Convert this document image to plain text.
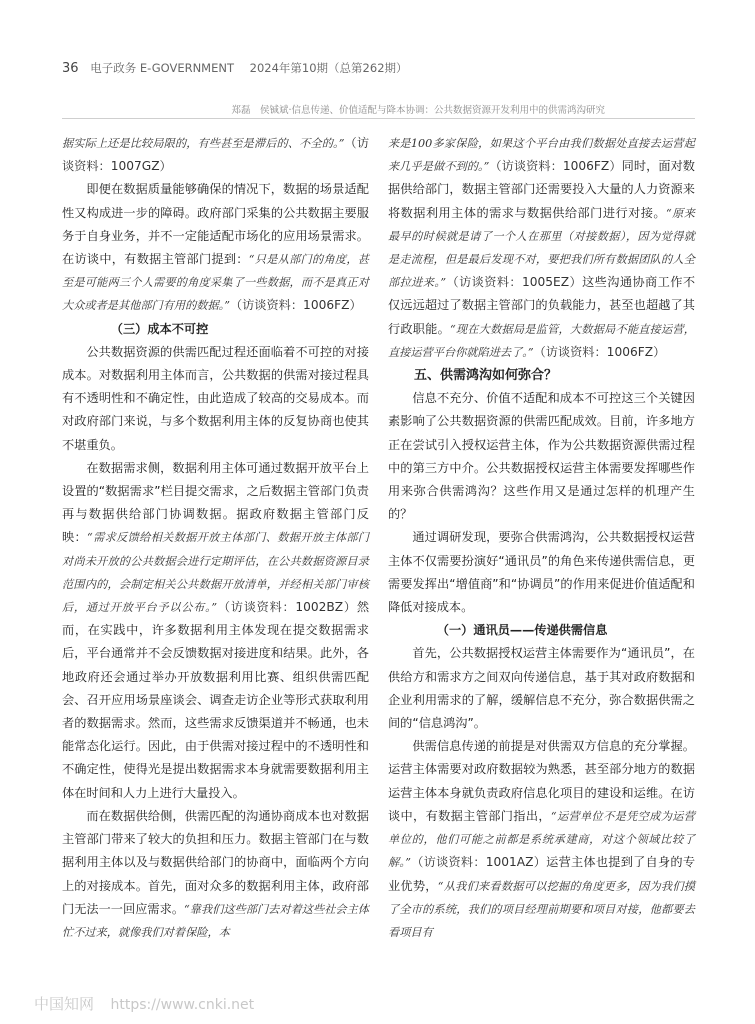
36 电子政务 E-GOVERNMENT 2024年第10期（总第262期）
郑磊　侯铖斌·信息传递、价值适配与降本协调：公共数据资源开发利用中的供需鸿沟研究

据实际上还是比较局限的，有些甚至是滞后的、不全的。”（访谈资料：1007GZ）

即便在数据质量能够确保的情况下，数据的场景适配性又构成进一步的障碍。政府部门采集的公共数据主要服务于自身业务，并不一定能适配市场化的应用场景需求。在访谈中，有数据主管部门提到：“只是从部门的角度，甚至是可能两三个人需要的角度采集了一些数据，而不是真正对大众或者是其他部门有用的数据。”（访谈资料：1006FZ）

（三）成本不可控

公共数据资源的供需匹配过程还面临着不可控的对接成本。对数据利用主体而言，公共数据的供需对接过程具有不透明性和不确定性，由此造成了较高的交易成本。而对政府部门来说，与多个数据利用主体的反复协商也使其不堪重负。

在数据需求侧，数据利用主体可通过数据开放平台上设置的“数据需求”栏目提交需求，之后数据主管部门负责再与数据供给部门协调数据。据政府数据主管部门反映：“需求反馈给相关数据开放主体部门、数据开放主体部门对尚未开放的公共数据会进行定期评估，在公共数据资源目录范围内的，会制定相关公共数据开放清单，并经相关部门审核后，通过开放平台予以公布。”（访谈资料：1002BZ）然而，在实践中，许多数据利用主体发现在提交数据需求后，平台通常并不会反馈数据对接进度和结果。此外，各地政府还会通过举办开放数据利用比赛、组织供需匹配会、召开应用场景座谈会、调查走访企业等形式获取利用者的数据需求。然而，这些需求反馈渠道并不畅通，也未能常态化运行。因此，由于供需对接过程中的不透明性和不确定性，使得光是提出数据需求本身就需要数据利用主体在时间和人力上进行大量投入。

而在数据供给侧，供需匹配的沟通协商成本也对数据主管部门带来了较大的负担和压力。数据主管部门在与数据利用主体以及与数据供给部门的协商中，面临两个方向上的对接成本。首先，面对众多的数据利用主体，政府部门无法一一回应需求。“靠我们这些部门去对着这些社会主体忙不过来，就像我们对着保险，本

来是100多家保险，如果这个平台由我们数据处直接去运营起来几乎是做不到的。”（访谈资料：1006FZ）同时，面对数据供给部门，数据主管部门还需要投入大量的人力资源来将数据利用主体的需求与数据供给部门进行对接。“原来最早的时候就是请了一个人在那里（对接数据），因为觉得就是走流程，但是最后发现不对，要把我们所有数据团队的人全部拉进来。”（访谈资料：1005EZ）这些沟通协商工作不仅远远超过了数据主管部门的负载能力，甚至也超越了其行政职能。“现在大数据局是监管，大数据局不能直接运营，直接运营平台你就陷进去了。”（访谈资料：1006FZ）

五、供需鸿沟如何弥合？

信息不充分、价值不适配和成本不可控这三个关键因素影响了公共数据资源的供需匹配成效。目前，许多地方正在尝试引入授权运营主体，作为公共数据资源供需过程中的第三方中介。公共数据授权运营主体需要发挥哪些作用来弥合供需鸿沟？这些作用又是通过怎样的机理产生的？

通过调研发现，要弥合供需鸿沟，公共数据授权运营主体不仅需要扮演好“通讯员”的角色来传递供需信息，更需要发挥出“增值商”和“协调员”的作用来促进价值适配和降低对接成本。

（一）通讯员——传递供需信息

首先，公共数据授权运营主体需要作为“通讯员”，在供给方和需求方之间双向传递信息，基于其对政府数据和企业利用需求的了解，缓解信息不充分，弥合数据供需之间的“信息鸿沟”。

供需信息传递的前提是对供需双方信息的充分掌握。运营主体需要对政府数据较为熟悉，甚至部分地方的数据运营主体本身就负责政府信息化项目的建设和运维。在访谈中，有数据主管部门指出，“运营单位不是凭空成为运营单位的，他们可能之前都是系统承建商，对这个领域比较了解。”（访谈资料：1001AZ）运营主体也提到了自身的专业优势，“从我们来看数据可以挖掘的角度更多，因为我们摸了全市的系统，我们的项目经理前期要和项目对接，他都要去看项目有

中国知网 https://www.cnki.net
